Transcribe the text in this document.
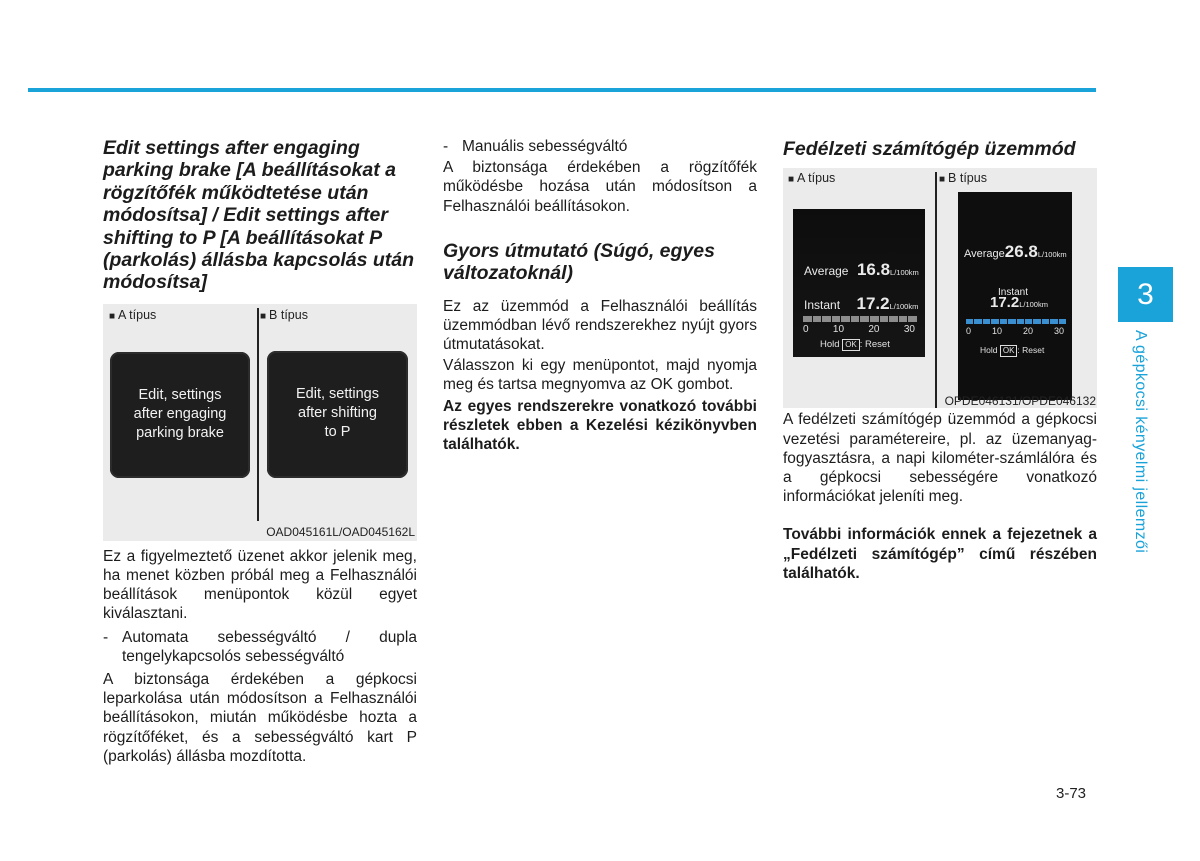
Edit settings after engaging parking brake [A beállításokat a rögzítőfék működtetése után módosítsa] / Edit settings after shifting to P [A beállításokat P (parkolás) állásba kapcsolás után módosítsa]
■ A típus	■ B típus
Edit, settings
after engaging
parking brake
Edit, settings
after shifting
to P
OAD045161L/OAD045162L

Ez a figyelmeztető üzenet akkor jelenik meg, ha menet közben próbál meg a Felhasználói beállítások menüpontok közül egyet kiválasztani.

- Automata sebességváltó / dupla tengelykapcsolós sebességváltó

A biztonsága érdekében a gépkocsi leparkolása után módosítson a Felhasználói beállításokon, miután működésbe hozta a rögzítőféket, és a sebességváltó kart P (parkolás) állásba mozdította.

- Manuális sebességváltó

A biztonsága érdekében a rögzítőfék működésbe hozása után módosítson a Felhasználói beállításokon.

Gyors útmutató (Súgó, egyes változatoknál)

Ez az üzemmód a Felhasználói beállítás üzemmódban lévő rendszerekhez nyújt gyors útmutatásokat.

Válasszon ki egy menüpontot, majd nyomja meg és tartsa megnyomva az OK gombot.

Az egyes rendszerekre vonatkozó további részletek ebben a Kezelési kézikönyvben találhatók.

Fedélzeti számítógép üzemmód
■ A típus	■ B típus
Average 16.8L/100km
Instant 17.2L/100km
0 10 20 30
Hold OK : Reset
Average26.8L/100km
Instant
17.2L/100km
0 10 20 30
Hold OK : Reset
OPDE046131/OPDE046132

A fedélzeti számítógép üzemmód a gépkocsi vezetési paramétereire, pl. az üzemanyag-fogyasztásra, a napi kilométer-számlálóra és a gépkocsi sebességére vonatkozó információkat jeleníti meg.

További információk ennek a fejezetnek a „Fedélzeti számítógép” című részében találhatók.

3
A gépkocsi kényelmi jellemzői
3-73
